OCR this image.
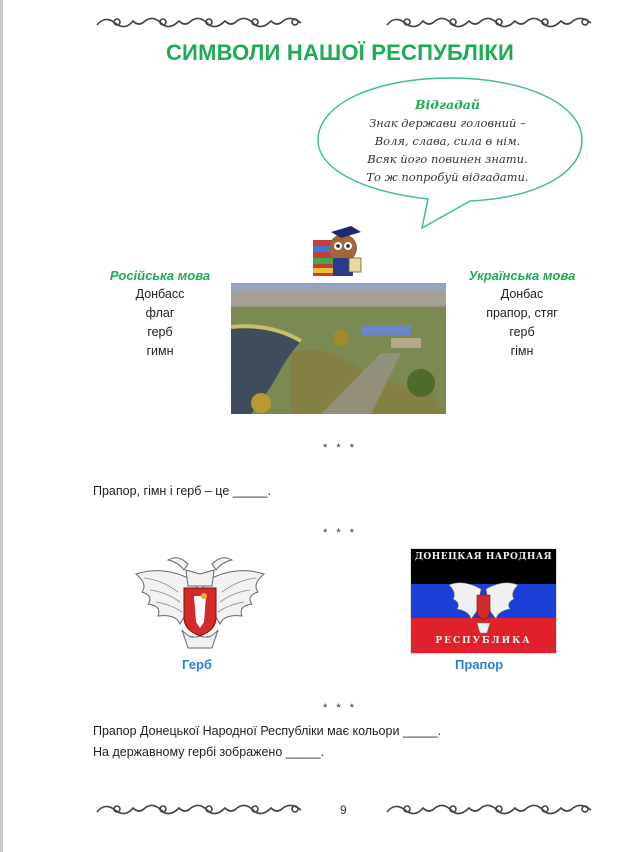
СИМВОЛИ НАШОЇ РЕСПУБЛІКИ
Відгадай
Знак держави головний –
Воля, слава, сила в нім.
Всяк його повинен знати.
То ж попробуй відгадати.
Російська мова
Донбасс
флаг
герб
гимн
Українська мова
Донбас
прапор, стяг
герб
гімн
* * *
Прапор, гімн і герб – це _____.
* * *
Герб
ДОНЕЦКАЯ НАРОДНАЯ
РЕСПУБЛИКА
Прапор
* * *
Прапор Донецької Народної Республіки має кольори _____.
На державному гербі зображено _____.
9
